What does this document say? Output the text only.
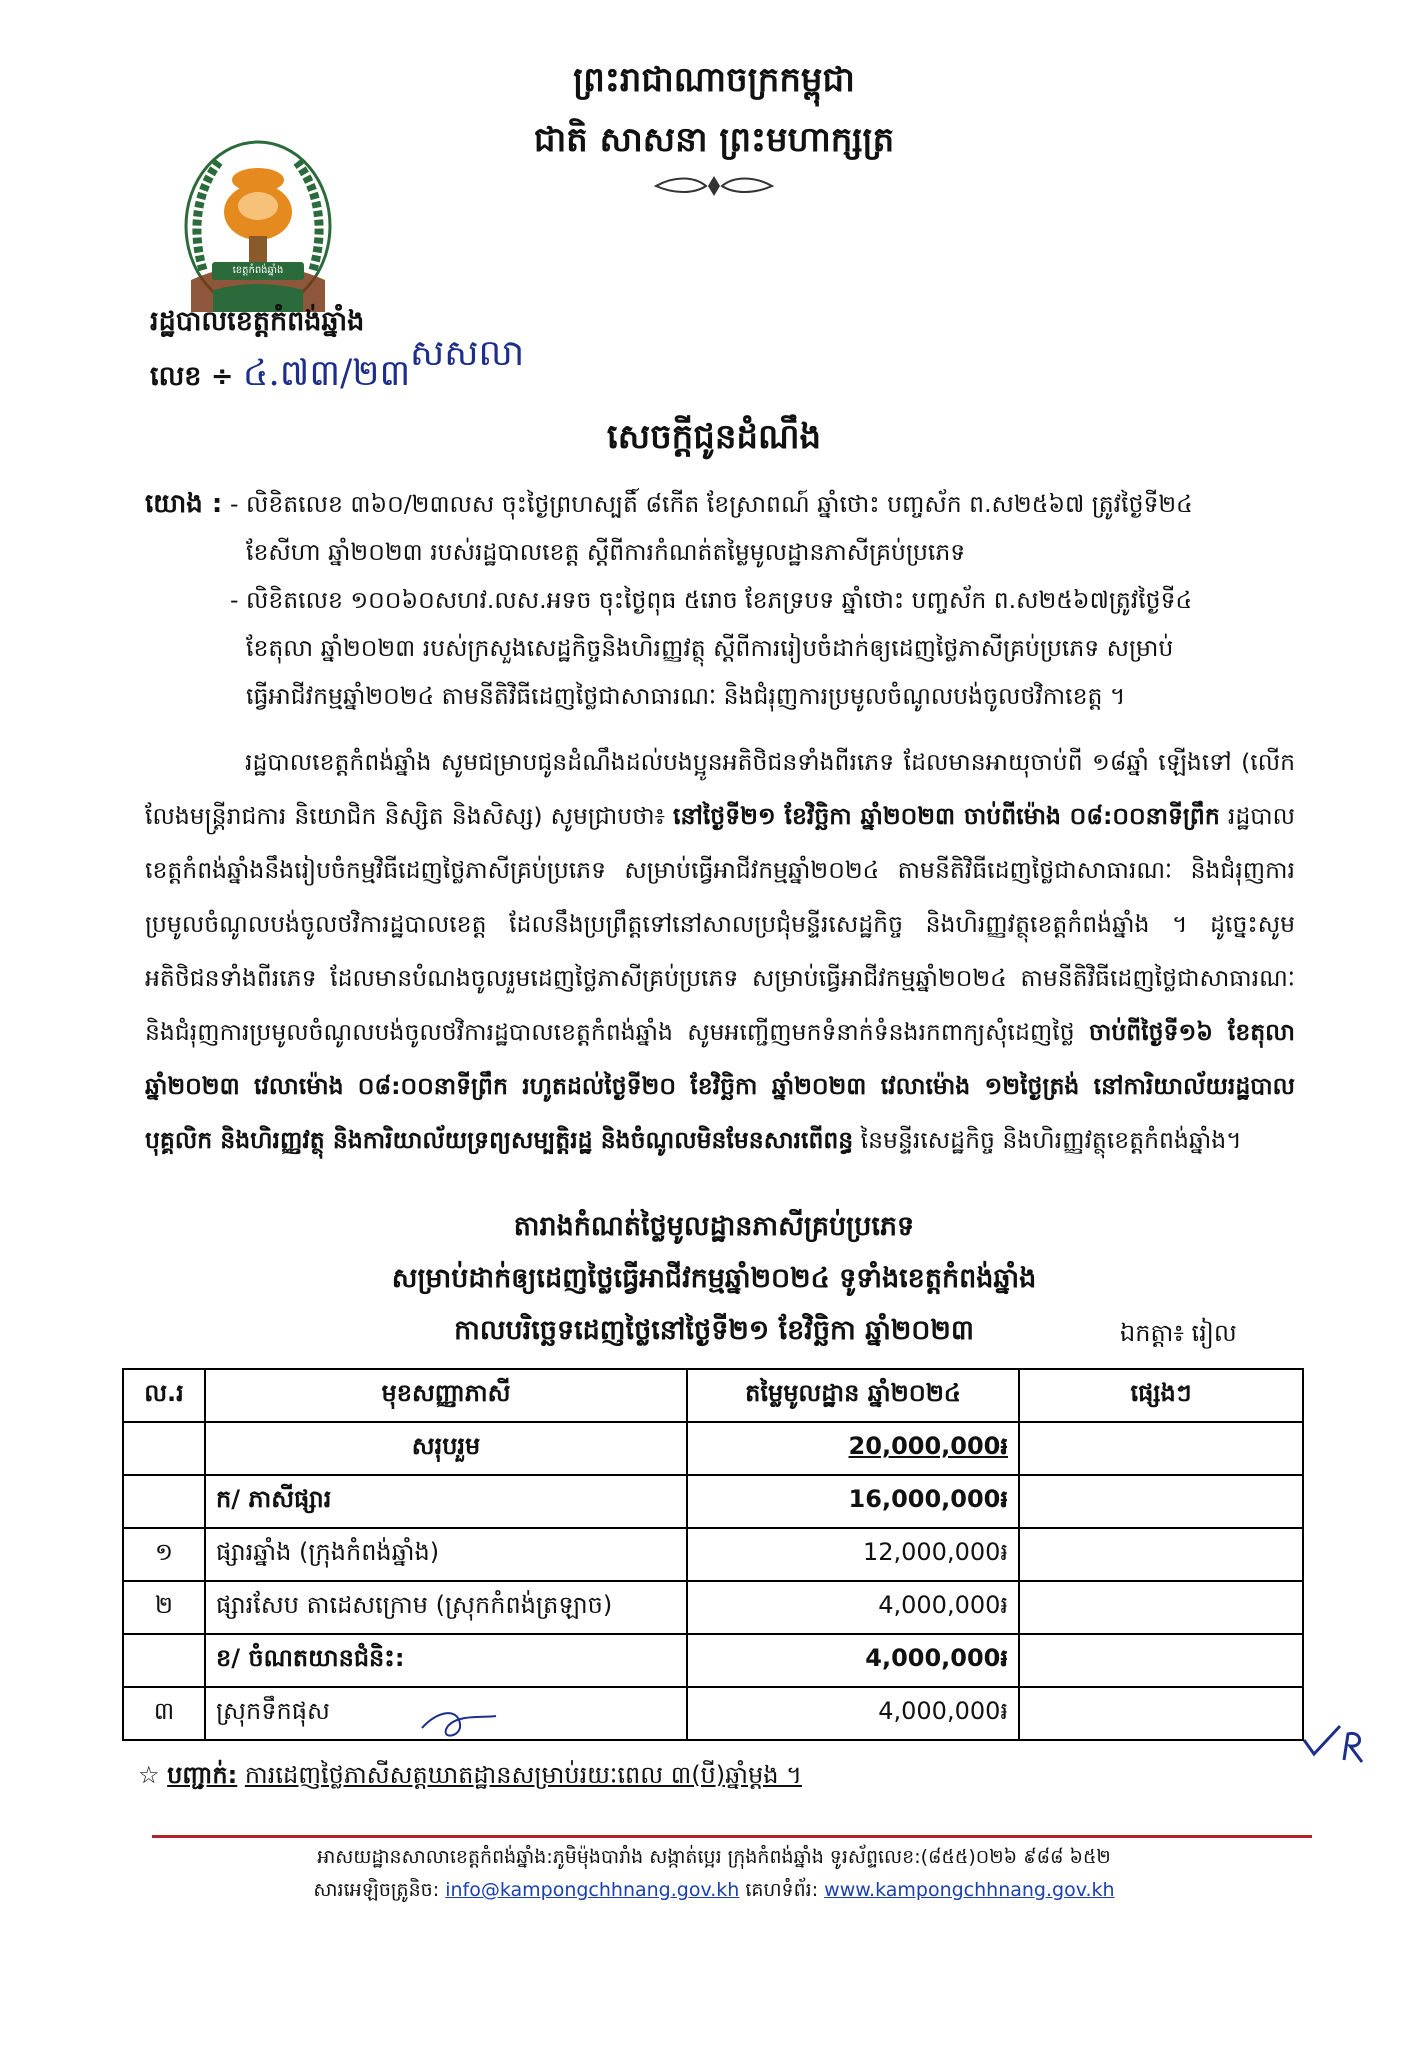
ព្រះរាជាណាចក្រកម្ពុជា
ជាតិ សាសនា ព្រះមហាក្សត្រ
ខេត្តកំពង់ឆ្នាំង
រដ្ឋបាលខេត្តកំពង់ឆ្នាំង
លេខ ÷ ៤.៧៣/២៣ សសលា
សេចក្តីជូនដំណឹង
យោង : - លិខិតលេខ ៣៦០/២៣លស ចុះថ្ងៃព្រហស្បតិ៍ ៨កើត ខែស្រាពណ៍ ឆ្នាំថោះ បញ្ចស័ក ព.ស២៥៦៧ ត្រូវថ្ងៃទី២៤
ខែសីហា ឆ្នាំ២០២៣ របស់រដ្ឋបាលខេត្ត ស្តីពីការកំណត់តម្លៃមូលដ្ឋានភាសីគ្រប់ប្រភេទ
- លិខិតលេខ ១០០៦០សហវ.លស.អទច ចុះថ្ងៃពុធ ៥រោច ខែភទ្របទ ឆ្នាំថោះ បញ្ចស័ក ព.ស២៥៦៧ត្រូវថ្ងៃទី៤
ខែតុលា ឆ្នាំ២០២៣ របស់ក្រសួងសេដ្ឋកិច្ចនិងហិរញ្ញវត្ថុ ស្តីពីការរៀបចំដាក់ឲ្យដេញថ្លៃភាសីគ្រប់ប្រភេទ សម្រាប់
ធ្វើអាជីវកម្មឆ្នាំ២០២៤ តាមនីតិវិធីដេញថ្លៃជាសាធារណៈ និងជំរុញការប្រមូលចំណូលបង់ចូលថវិកាខេត្ត ។
រដ្ឋបាលខេត្តកំពង់ឆ្នាំង សូមជម្រាបជូនដំណឹងដល់បងប្អូនអតិថិជនទាំងពីរភេទ ដែលមានអាយុចាប់ពី ១៨ឆ្នាំ ឡើងទៅ (លើកលែងមន្ត្រីរាជការ និយោជិក និស្សិត និងសិស្ស) សូមជ្រាបថា៖ នៅថ្ងៃទី២១ ខែវិច្ឆិកា ឆ្នាំ២០២៣ ចាប់ពីម៉ោង ០៨:០០នាទីព្រឹក រដ្ឋបាលខេត្តកំពង់ឆ្នាំងនឹងរៀបចំកម្មវិធីដេញថ្លៃភាសីគ្រប់ប្រភេទ សម្រាប់ធ្វើអាជីវកម្មឆ្នាំ២០២៤ តាមនីតិវិធីដេញថ្លៃជាសាធារណៈ និងជំរុញការប្រមូលចំណូលបង់ចូលថវិការដ្ឋបាលខេត្ត ដែលនឹងប្រព្រឹត្តទៅនៅសាលប្រជុំមន្ទីរសេដ្ឋកិច្ច និងហិរញ្ញវត្ថុខេត្តកំពង់ឆ្នាំង ។ ដូច្នេះសូមអតិថិជនទាំងពីរភេទ ដែលមានបំណងចូលរួមដេញថ្លៃភាសីគ្រប់ប្រភេទ សម្រាប់ធ្វើអាជីវកម្មឆ្នាំ២០២៤ តាមនីតិវិធីដេញថ្លៃជាសាធារណៈ និងជំរុញការប្រមូលចំណូលបង់ចូលថវិការដ្ឋបាលខេត្តកំពង់ឆ្នាំង សូមអញ្ជើញមកទំនាក់ទំនងរកពាក្យសុំដេញថ្លៃ ចាប់ពីថ្ងៃទី១៦ ខែតុលា ឆ្នាំ២០២៣ វេលាម៉ោង ០៨:០០នាទីព្រឹក រហូតដល់ថ្ងៃទី២០ ខែវិច្ឆិកា ឆ្នាំ២០២៣ វេលាម៉ោង ១២ថ្ងៃត្រង់ នៅការិយាល័យរដ្ឋបាល បុគ្គលិក និងហិរញ្ញវត្ថុ និងការិយាល័យទ្រព្យសម្បត្តិរដ្ឋ និងចំណូលមិនមែនសារពើពន្ធ នៃមន្ទីរសេដ្ឋកិច្ច និងហិរញ្ញវត្ថុខេត្តកំពង់ឆ្នាំង។
តារាងកំណត់ថ្លៃមូលដ្ឋានភាសីគ្រប់ប្រភេទ
សម្រាប់ដាក់ឲ្យដេញថ្លៃធ្វើអាជីវកម្មឆ្នាំ២០២៤ ទូទាំងខេត្តកំពង់ឆ្នាំង
កាលបរិច្ឆេទដេញថ្លៃនៅថ្ងៃទី២១ ខែវិច្ឆិកា ឆ្នាំ២០២៣	ឯកត្តា៖ រៀល
ល.រ	មុខសញ្ញាភាសី	តម្លៃមូលដ្ឋាន ឆ្នាំ២០២៤	ផ្សេងៗ
	សរុបរួម	20,000,000៛	
	ក/ ភាសីផ្សារ	16,000,000៛	
១	ផ្សារឆ្នាំង (ក្រុងកំពង់ឆ្នាំង)	12,000,000៛	
២	ផ្សារសែប តាដេសក្រោម (ស្រុកកំពង់ត្រឡាច)	4,000,000៛	
	ខ/ ចំណតយានជំនិះ:	4,000,000៛	
៣	ស្រុកទឹកផុស	4,000,000៛	
☆ បញ្ជាក់: ការដេញថ្លៃភាសីសត្តឃាតដ្ឋានសម្រាប់រយៈពេល ៣(បី)ឆ្នាំម្តង ។
អាសយដ្ឋានសាលាខេត្តកំពង់ឆ្នាំង:ភូមិម៉ុងបារាំង សង្កាត់ប្អេរ ក្រុងកំពង់ឆ្នាំង ទូរស័ព្ទលេខ:(៨៥៥)០២៦ ៩៨៨ ៦៥២
សារអេឡិចត្រូនិច: info@kampongchhnang.gov.kh គេហទំព័រ: www.kampongchhnang.gov.kh
